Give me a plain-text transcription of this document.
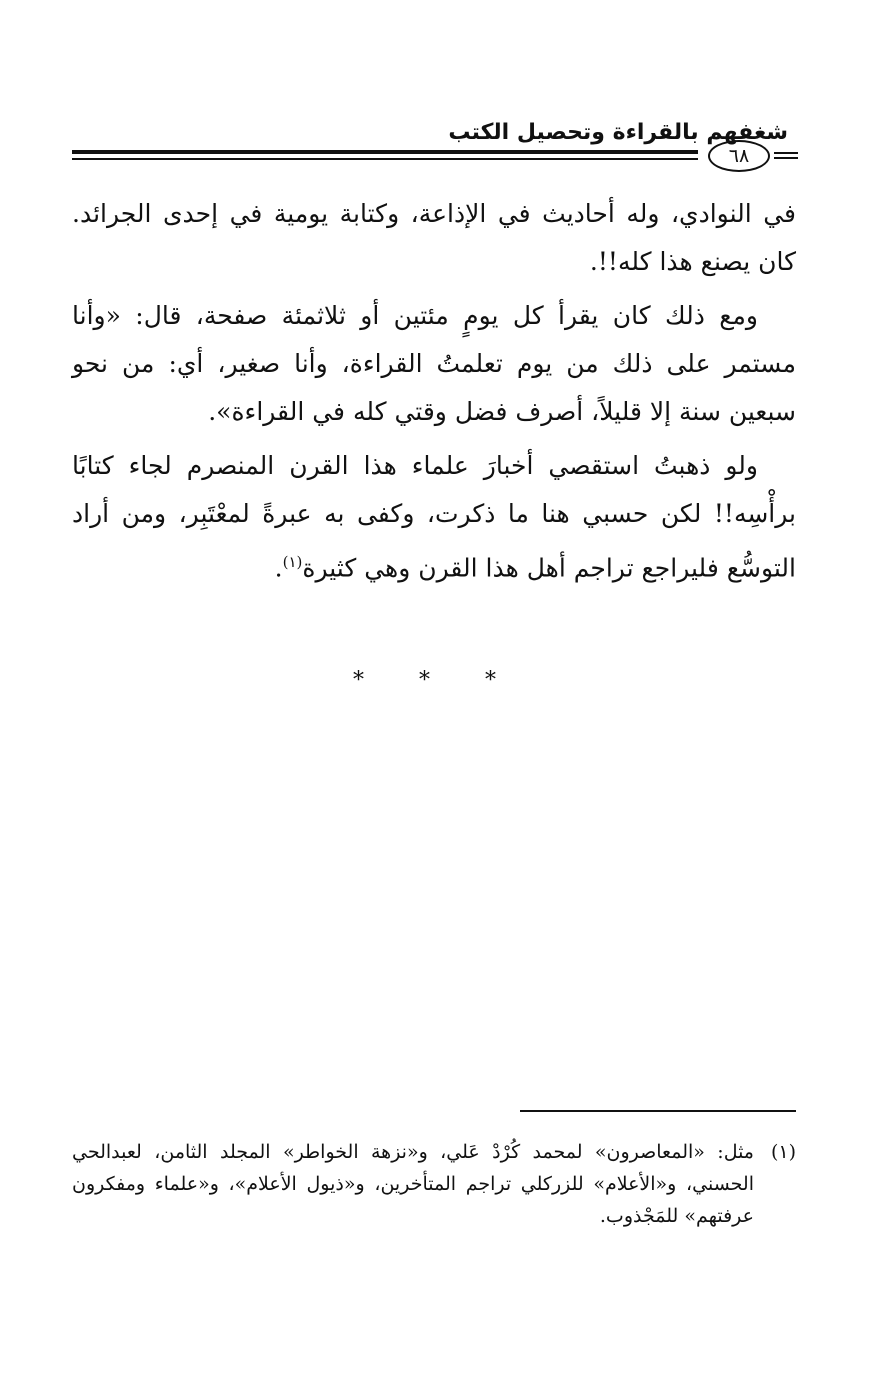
شغفهم بالقراءة وتحصيل الكتب
٦٨

في النوادي، وله أحاديث في الإذاعة، وكتابة يومية في إحدى الجرائد.

كان يصنع هذا كله!!.

ومع ذلك كان يقرأ كل يومٍ مئتين أو ثلاثمئة صفحة، قال: «وأنا مستمر على ذلك من يوم تعلمتُ القراءة، وأنا صغير، أي: من نحو سبعين سنة إلا قليلاً، أصرف فضل وقتي كله في القراءة».

ولو ذهبتُ استقصي أخبارَ علماء هذا القرن المنصرم لجاء كتابًا برأْسِه!! لكن حسبي هنا ما ذكرت، وكفى به عبرةً لمعْتَبِر، ومن أراد التوسُّع فليراجع تراجم أهل هذا القرن وهي كثيرة$^{(١)}$.

* * *
(١)
مثل: «المعاصرون» لمحمد كُرْدْ عَلي، و«نزهة الخواطر» المجلد الثامن، لعبدالحي الحسني، و«الأعلام» للزركلي تراجم المتأخرين، و«ذيول الأعلام»، و«علماء ومفكرون عرفتهم» للمَجْذوب.
